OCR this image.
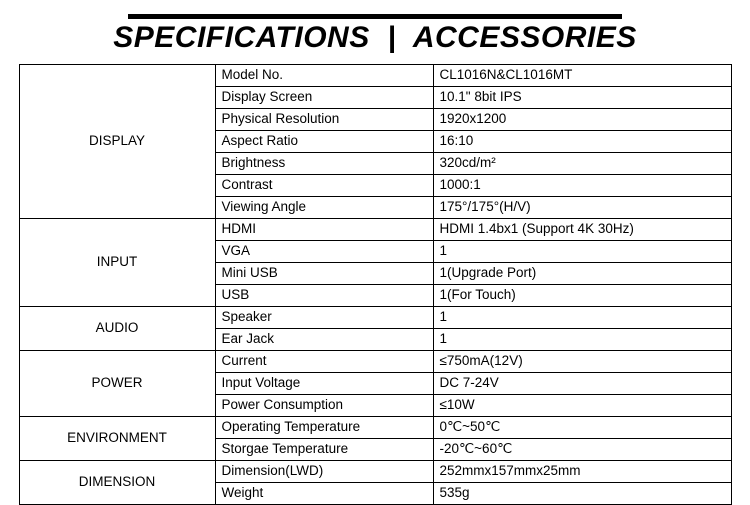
SPECIFICATIONS  |  ACCESSORIES
DISPLAY	Model No.	CL1016N&CL1016MT
	Display Screen	10.1" 8bit IPS
	Physical Resolution	1920x1200
	Aspect Ratio	16:10
	Brightness	320cd/m²
	Contrast	1000:1
	Viewing Angle	175°/175°(H/V)
INPUT	HDMI	HDMI 1.4bx1 (Support 4K 30Hz)
	VGA	1
	Mini USB	1(Upgrade Port)
	USB	1(For Touch)
AUDIO	Speaker	1
	Ear Jack	1
POWER	Current	≤750mA(12V)
	Input Voltage	DC 7-24V
	Power Consumption	≤10W
ENVIRONMENT	Operating Temperature	0℃~50℃
	Storgae Temperature	-20℃~60℃
DIMENSION	Dimension(LWD)	252mmx157mmx25mm
	Weight	535g
